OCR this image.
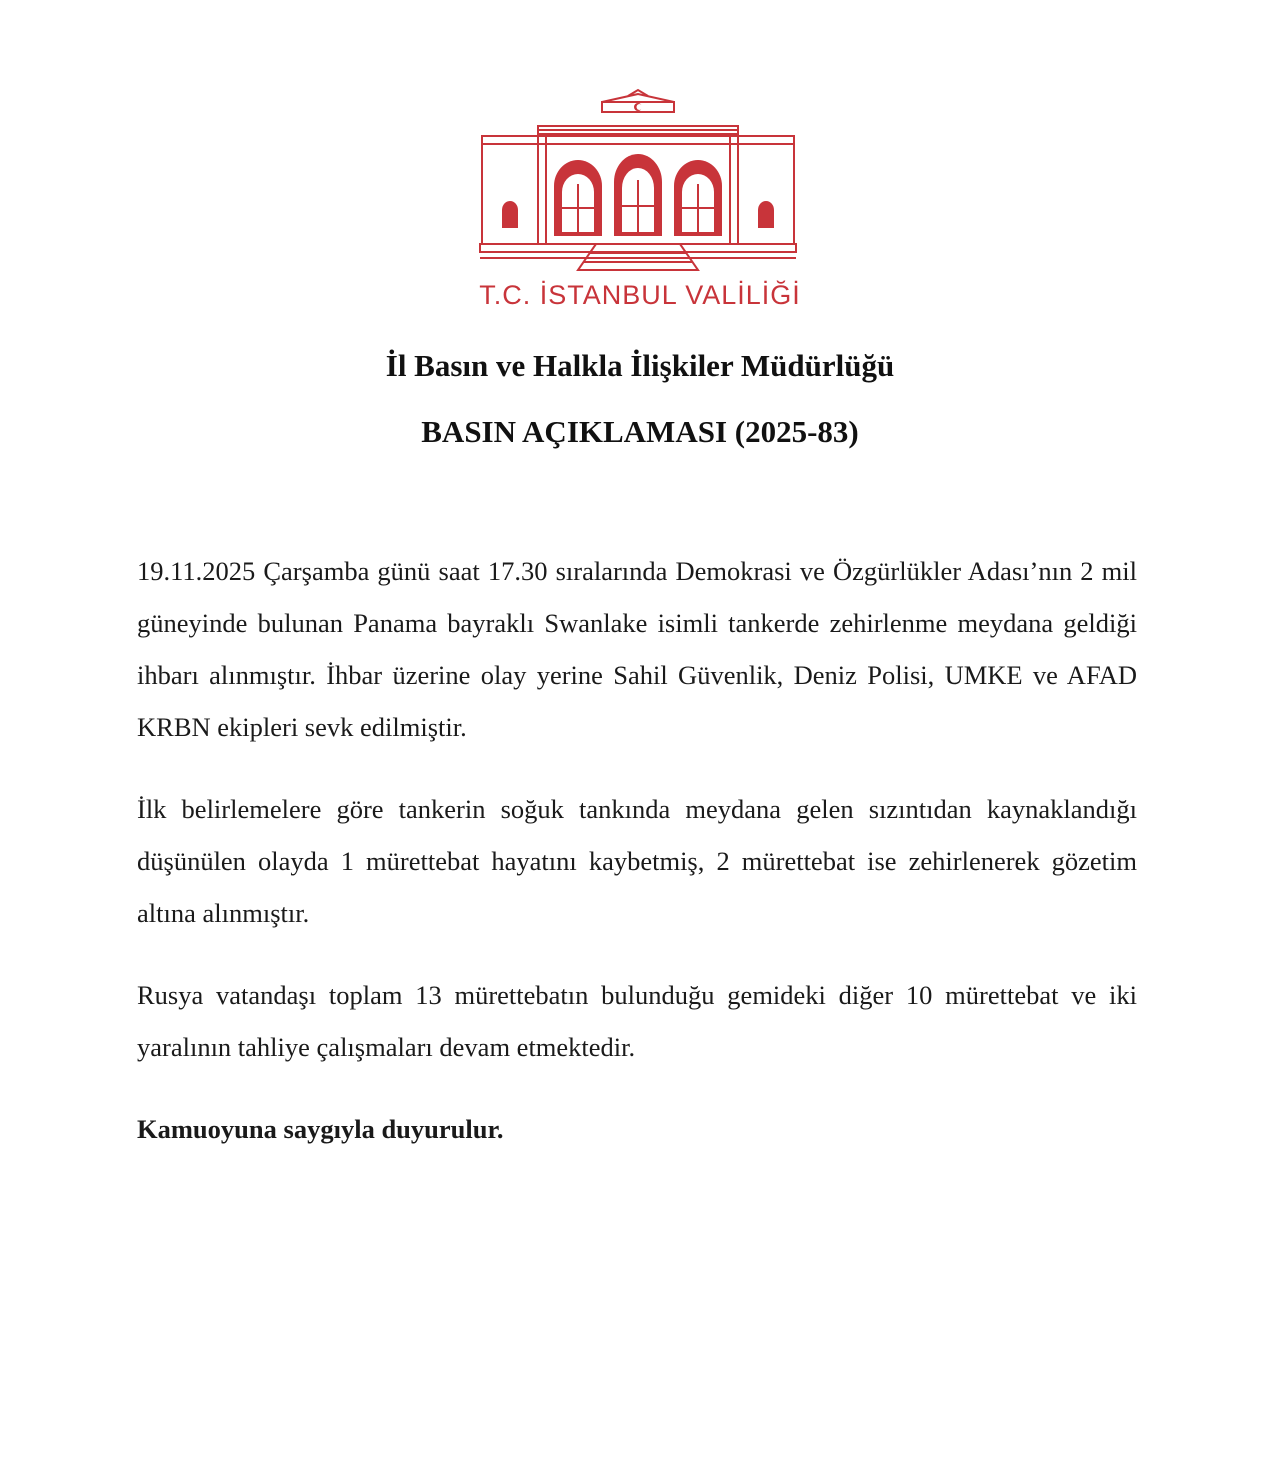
T.C. İSTANBUL VALİLİĞİ
İl Basın ve Halkla İlişkiler Müdürlüğü
BASIN AÇIKLAMASI (2025-83)

19.11.2025 Çarşamba günü saat 17.30 sıralarında Demokrasi ve Özgürlükler Adası’nın 2 mil güneyinde bulunan Panama bayraklı Swanlake isimli tankerde zehirlenme meydana geldiği ihbarı alınmıştır. İhbar üzerine olay yerine Sahil Güvenlik, Deniz Polisi, UMKE ve AFAD KRBN ekipleri sevk edilmiştir.

İlk belirlemelere göre tankerin soğuk tankında meydana gelen sızıntıdan kaynaklandığı düşünülen olayda 1 mürettebat hayatını kaybetmiş, 2 mürettebat ise zehirlenerek gözetim altına alınmıştır.

Rusya vatandaşı toplam 13 mürettebatın bulunduğu gemideki diğer 10 mürettebat ve iki yaralının tahliye çalışmaları devam etmektedir.

Kamuoyuna saygıyla duyurulur.
